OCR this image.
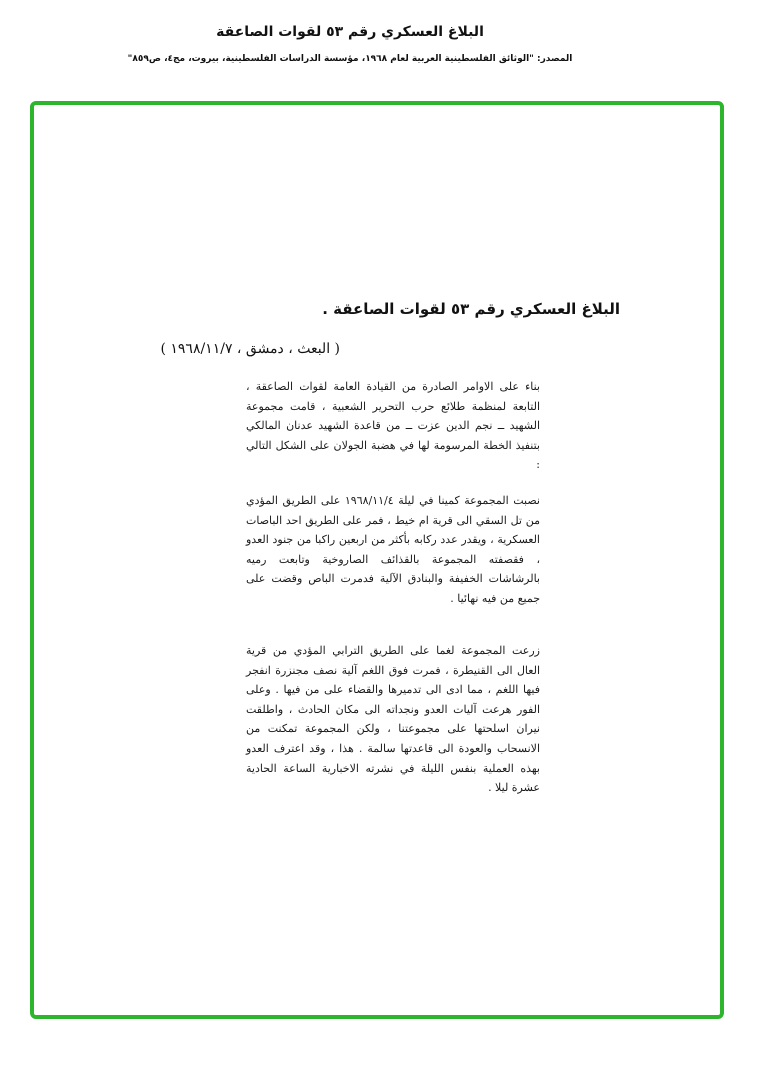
البلاغ العسكري رقم ٥٣ لقوات الصاعقة

المصدر: "الوثائق الفلسطينية العربية لعام ١٩٦٨، مؤسسة الدراسات الفلسطينية، بيروت، مج٤، ص٨٥٩"

البلاغ العسكري رقم ٥٣ لقوات الصاعقة .

( البعث ، دمشق ، ١٩٦٨/١١/٧ )

بناء على الاوامر الصادرة من القيادة العامة لقوات الصاعقة ، التابعة لمنظمة طلائع حرب التحرير الشعبية ، قامت مجموعة الشهيد ــ نجم الدين عزت ــ من قاعدة الشهيد عدنان المالكي بتنفيذ الخطة المرسومة لها في هضبة الجولان على الشكل التالي :

نصبت المجموعة كمينا في ليلة ١٩٦٨/١١/٤ على الطريق المؤدي من تل السقي الى قرية ام خيط ، فمر على الطريق احد الباصات العسكرية ، ويقدر عدد ركابه بأكثر من اربعين راكبا من جنود العدو ، فقصفته المجموعة بالقذائف الصاروخية وتابعت رميه بالرشاشات الخفيفة والبنادق الآلية فدمرت الباص وقضت على جميع من فيه نهائيا .

زرعت المجموعة لغما على الطريق الترابي المؤدي من قرية العال الى القنيطرة ، فمرت فوق اللغم آلية نصف مجنزرة انفجر فيها اللغم ، مما ادى الى تدميرها والقضاء على من فيها . وعلى الفور هرعت آليات العدو ونجداته الى مكان الحادث ، واطلقت نيران اسلحتها على مجموعتنا ، ولكن المجموعة تمكنت من الانسحاب والعودة الى قاعدتها سالمة . هذا ، وقد اعترف العدو بهذه العملية بنفس الليلة في نشرته الاخبارية الساعة الحادية عشرة ليلا .
